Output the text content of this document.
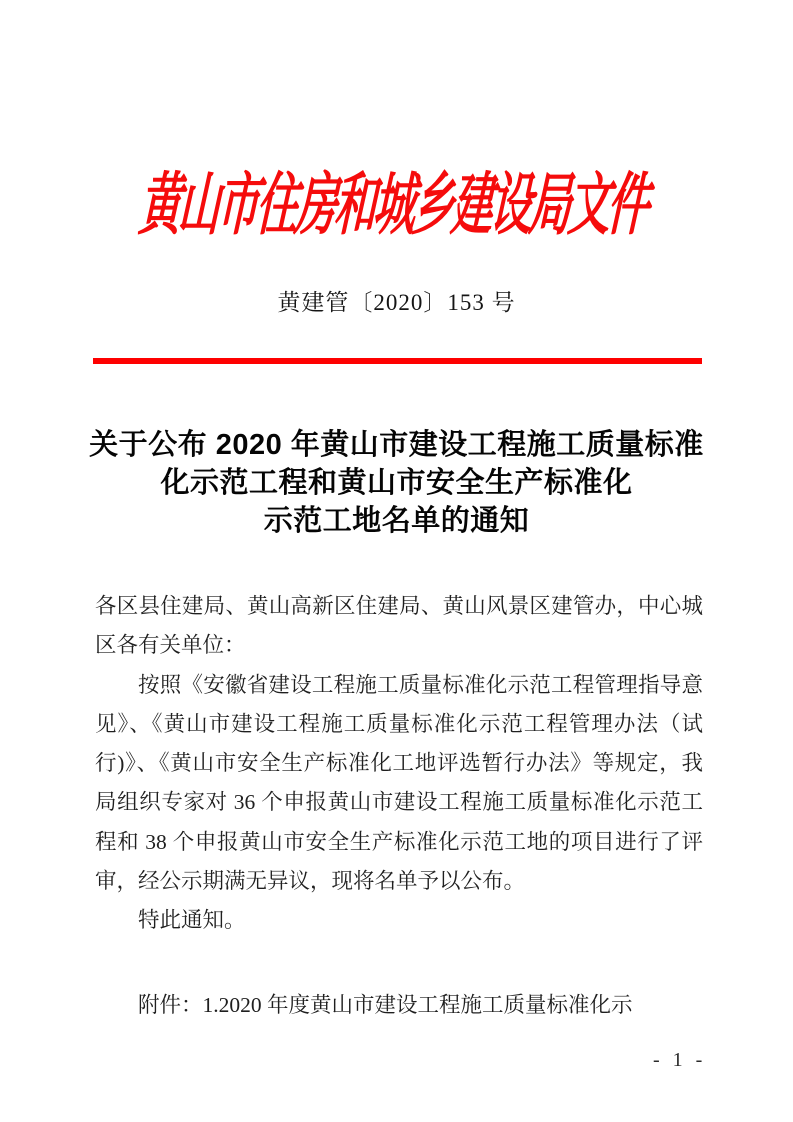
黄山市住房和城乡建设局文件
黄建管〔2020〕153 号
关于公布 2020 年黄山市建设工程施工质量标准
化示范工程和黄山市安全生产标准化
示范工地名单的通知

各区县住建局、黄山高新区住建局、黄山风景区建管办，中心城区各有关单位：

按照《安徽省建设工程施工质量标准化示范工程管理指导意见》、《黄山市建设工程施工质量标准化示范工程管理办法（试行)》、《黄山市安全生产标准化工地评选暂行办法》等规定，我局组织专家对 36 个申报黄山市建设工程施工质量标准化示范工程和 38 个申报黄山市安全生产标准化示范工地的项目进行了评审，经公示期满无异议，现将名单予以公布。

特此通知。

附件：1.2020 年度黄山市建设工程施工质量标准化示

- 1 -
